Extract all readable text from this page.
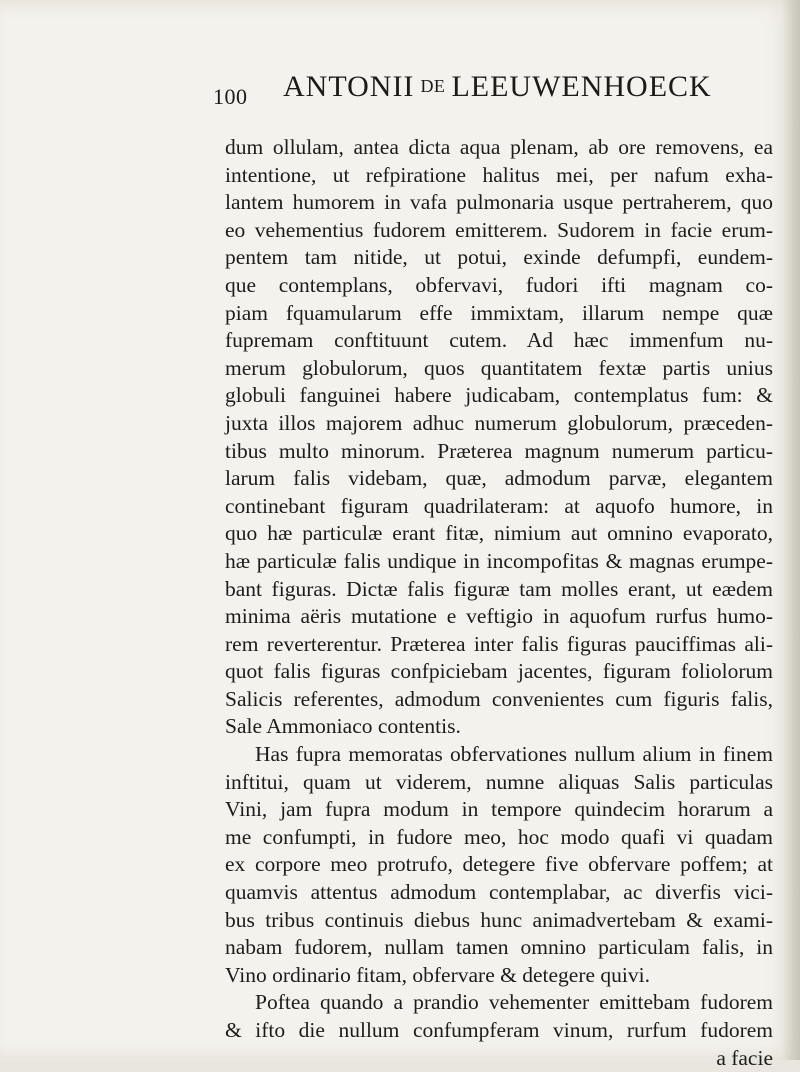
100 ANTONII DE LEEUWENHOECK
dum ollulam, antea dicta aqua plenam, ab ore removens, ea
intentione, ut refpiratione halitus mei, per nafum exha-
lantem humorem in vafa pulmonaria usque pertraherem, quo
eo vehementius fudorem emitterem. Sudorem in facie erum-
pentem tam nitide, ut potui, exinde defumpfi, eundem-
que contemplans, obfervavi, fudori ifti magnam co-
piam fquamularum effe immixtam, illarum nempe quæ
fupremam conftituunt cutem. Ad hæc immenfum nu-
merum globulorum, quos quantitatem fextæ partis unius
globuli fanguinei habere judicabam, contemplatus fum: &
juxta illos majorem adhuc numerum globulorum, præceden-
tibus multo minorum. Præterea magnum numerum particu-
larum falis videbam, quæ, admodum parvæ, elegantem
continebant figuram quadrilateram: at aquofo humore, in
quo hæ particulæ erant fitæ, nimium aut omnino evaporato,
hæ particulæ falis undique in incompofitas & magnas erumpe-
bant figuras. Dictæ falis figuræ tam molles erant, ut eædem
minima aëris mutatione e veftigio in aquofum rurfus humo-
rem reverterentur. Præterea inter falis figuras pauciffimas ali-
quot falis figuras confpiciebam jacentes, figuram foliolorum
Salicis referentes, admodum convenientes cum figuris falis,
Sale Ammoniaco contentis.
Has fupra memoratas obfervationes nullum alium in finem
inftitui, quam ut viderem, numne aliquas Salis particulas
Vini, jam fupra modum in tempore quindecim horarum a
me confumpti, in fudore meo, hoc modo quafi vi quadam
ex corpore meo protrufo, detegere five obfervare poffem; at
quamvis attentus admodum contemplabar, ac diverfis vici-
bus tribus continuis diebus hunc animadvertebam & exami-
nabam fudorem, nullam tamen omnino particulam falis, in
Vino ordinario fitam, obfervare & detegere quivi.
Poftea quando a prandio vehementer emittebam fudorem
& ifto die nullum confumpferam vinum, rurfum fudorem
a facie
